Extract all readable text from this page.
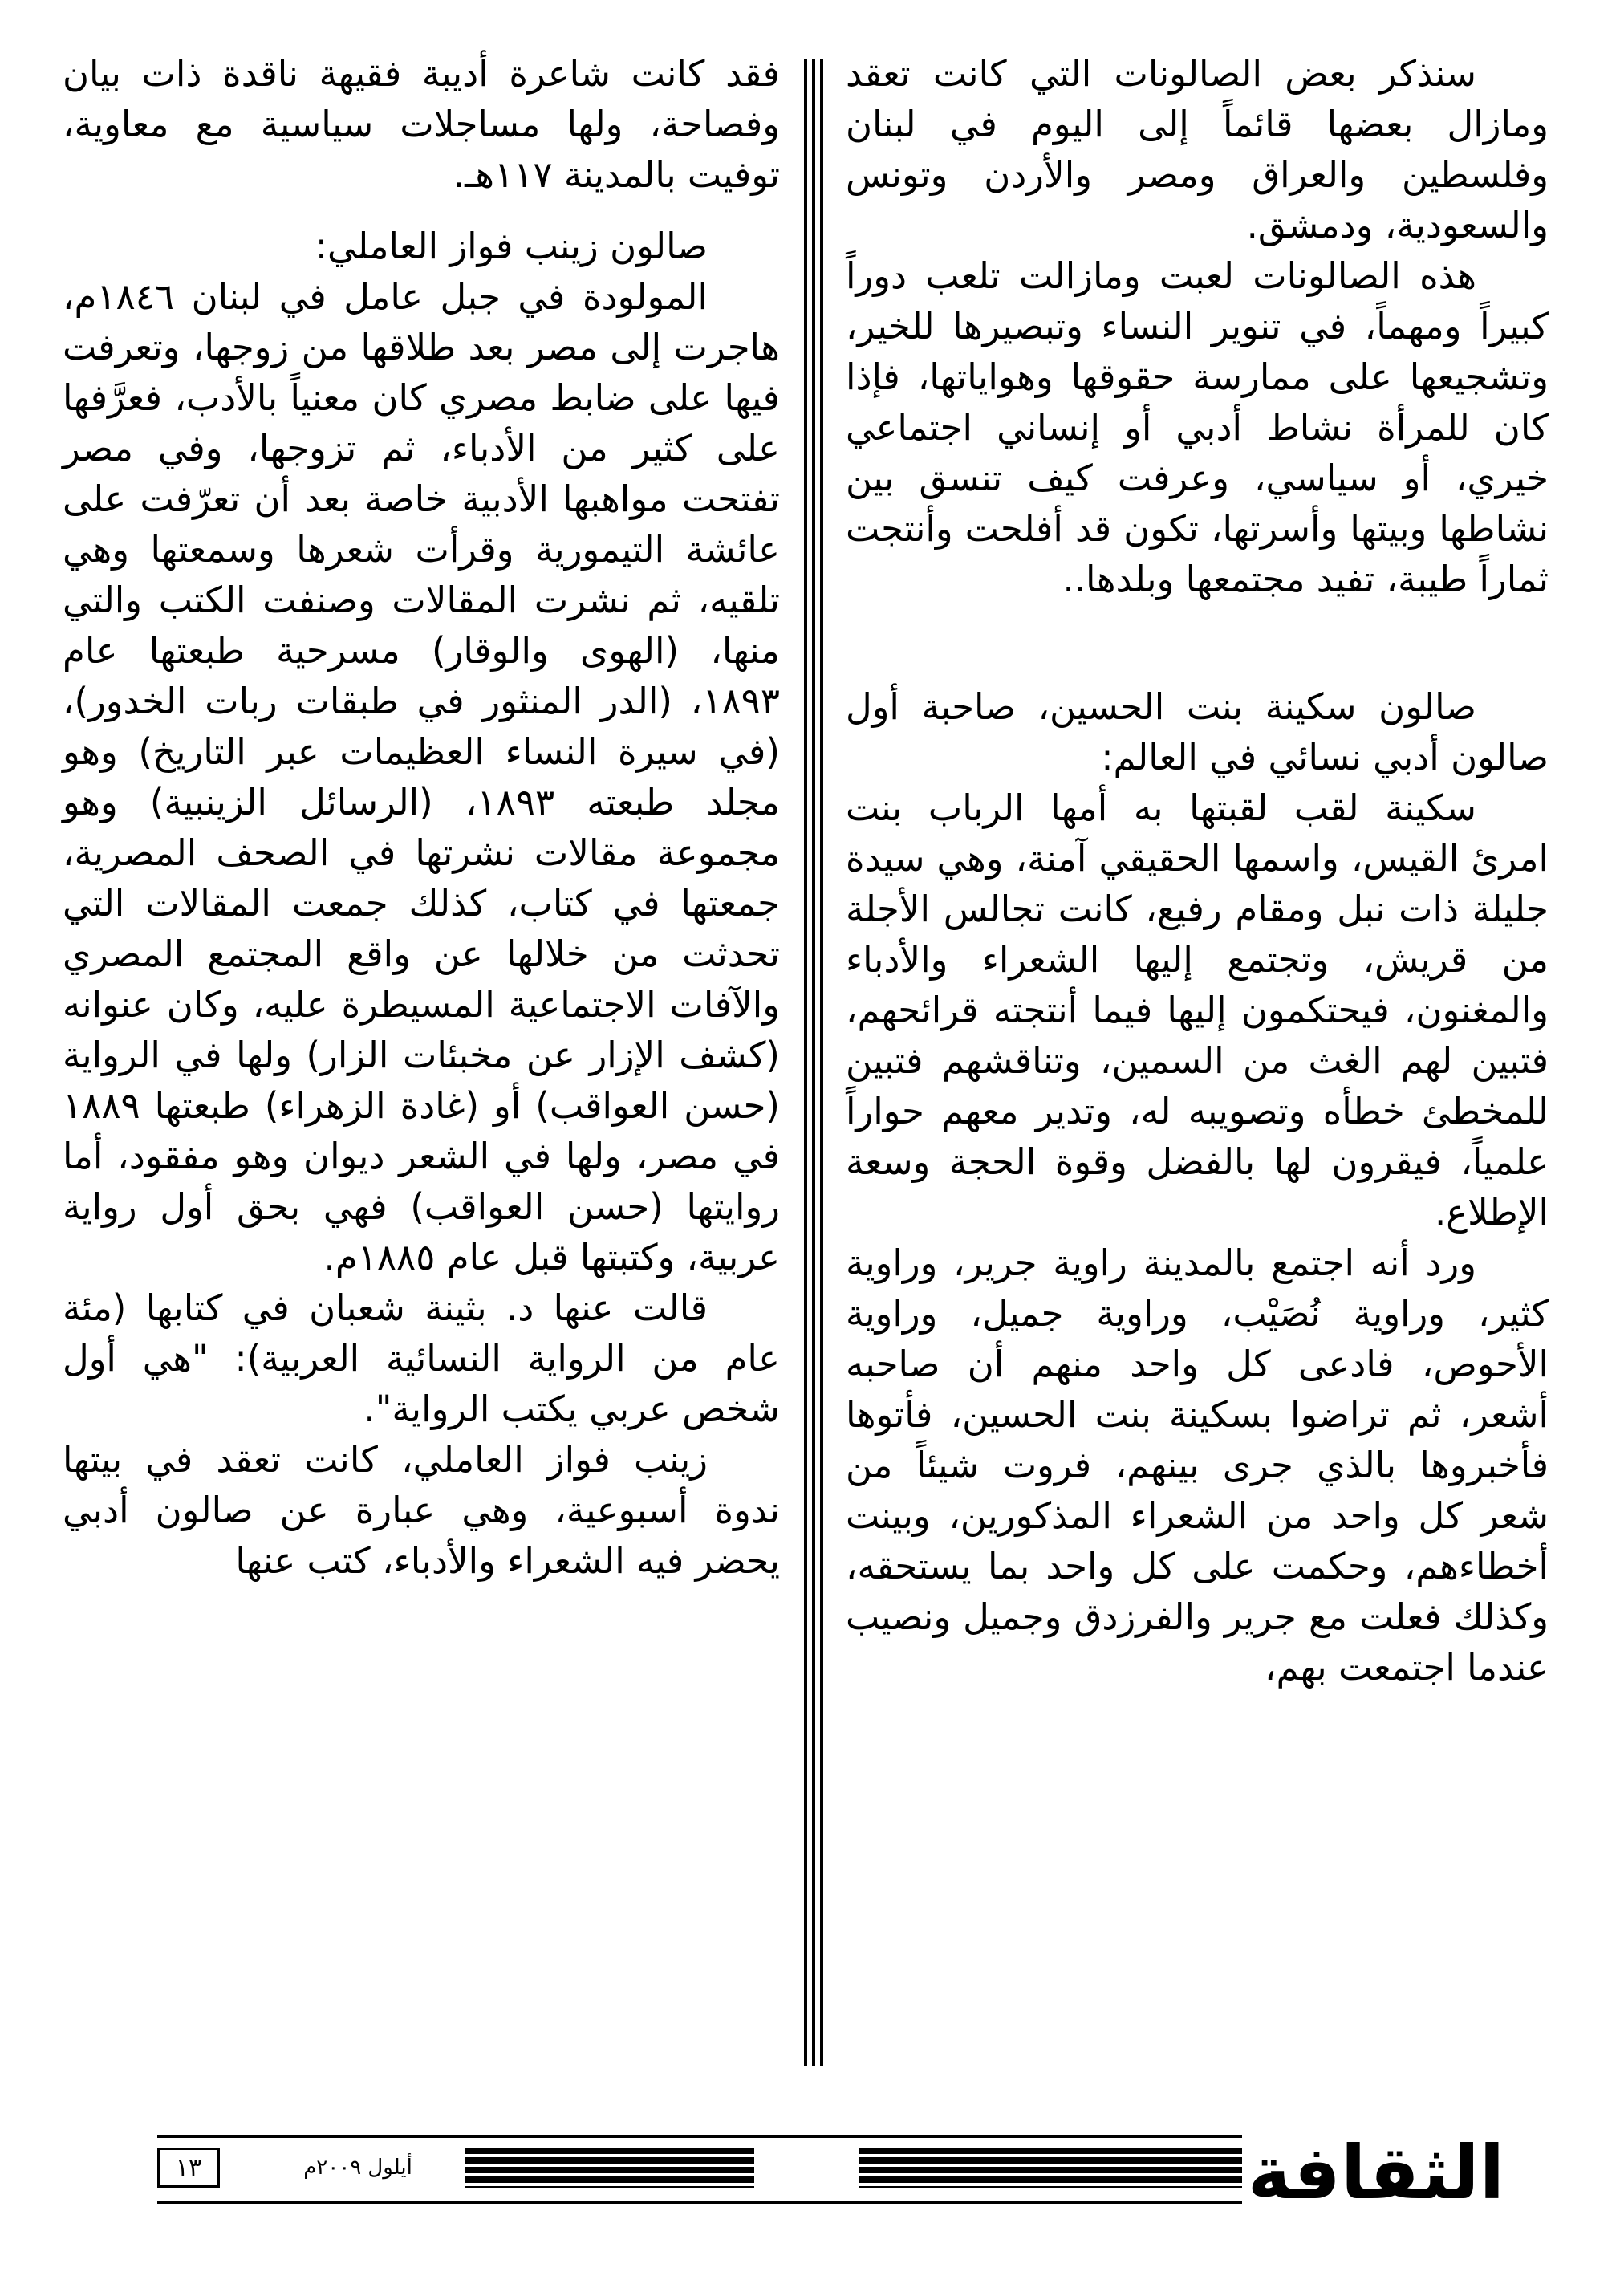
سنذكر بعض الصالونات التي كانت تعقد ومازال بعضها قائماً إلى اليوم في لبنان وفلسطين والعراق ومصر والأردن وتونس والسعودية، ودمشق.

هذه الصالونات لعبت ومازالت تلعب دوراً كبيراً ومهماً، في تنوير النساء وتبصيرها للخير، وتشجيعها على ممارسة حقوقها وهواياتها، فإذا كان للمرأة نشاط أدبي أو إنساني اجتماعي خيري، أو سياسي، وعرفت كيف تنسق بين نشاطها وبيتها وأسرتها، تكون قد أفلحت وأنتجت ثماراً طيبة، تفيد مجتمعها وبلدها..

صالون سكينة بنت الحسين، صاحبة أول صالون أدبي نسائي في العالم:

سكينة لقب لقبتها به أمها الرباب بنت امرئ القيس، واسمها الحقيقي آمنة، وهي سيدة جليلة ذات نبل ومقام رفيع، كانت تجالس الأجلة من قريش، وتجتمع إليها الشعراء والأدباء والمغنون، فيحتكمون إليها فيما أنتجته قرائحهم، فتبين لهم الغث من السمين، وتناقشهم فتبين للمخطئ خطأه وتصويبه له، وتدير معهم حواراً علمياً، فيقرون لها بالفضل وقوة الحجة وسعة الإطلاع.

ورد أنه اجتمع بالمدينة راوية جرير، وراوية كثير، وراوية نُصَيْب، وراوية جميل، وراوية الأحوص، فادعى كل واحد منهم أن صاحبه أشعر، ثم تراضوا بسكينة بنت الحسين، فأتوها فأخبروها بالذي جرى بينهم، فروت شيئاً من شعر كل واحد من الشعراء المذكورين، وبينت أخطاءهم، وحكمت على كل واحد بما يستحقه، وكذلك فعلت مع جرير والفرزدق وجميل ونصيب عندما اجتمعت بهم،

فقد كانت شاعرة أديبة فقيهة ناقدة ذات بيان وفصاحة، ولها مساجلات سياسية مع معاوية، توفيت بالمدينة ١١٧هـ.

صالون زينب فواز العاملي:

المولودة في جبل عامل في لبنان ١٨٤٦م، هاجرت إلى مصر بعد طلاقها من زوجها، وتعرفت فيها على ضابط مصري كان معنياً بالأدب، فعرَّفها على كثير من الأدباء، ثم تزوجها، وفي مصر تفتحت مواهبها الأدبية خاصة بعد أن تعرّفت على عائشة التيمورية وقرأت شعرها وسمعتها وهي تلقيه، ثم نشرت المقالات وصنفت الكتب والتي منها، (الهوى والوقار) مسرحية طبعتها عام ١٨٩٣، (الدر المنثور في طبقات ربات الخدور)، (في سيرة النساء العظيمات عبر التاريخ) وهو مجلد طبعته ١٨٩٣، (الرسائل الزينبية) وهو مجموعة مقالات نشرتها في الصحف المصرية، جمعتها في كتاب، كذلك جمعت المقالات التي تحدثت من خلالها عن واقع المجتمع المصري والآفات الاجتماعية المسيطرة عليه، وكان عنوانه (كشف الإزار عن مخبئات الزار) ولها في الرواية (حسن العواقب) أو (غادة الزهراء) طبعتها ١٨٨٩ في مصر، ولها في الشعر ديوان وهو مفقود، أما روايتها (حسن العواقب) فهي بحق أول رواية عربية، وكتبتها قبل عام ١٨٨٥م.

قالت عنها د. بثينة شعبان في كتابها (مئة عام من الرواية النسائية العربية): "هي أول شخص عربي يكتب الرواية".

زينب فواز العاملي، كانت تعقد في بيتها ندوة أسبوعية، وهي عبارة عن صالون أدبي يحضر فيه الشعراء والأدباء، كتب عنها

١٣	أيلول ٢٠٠٩م	الثقافة
